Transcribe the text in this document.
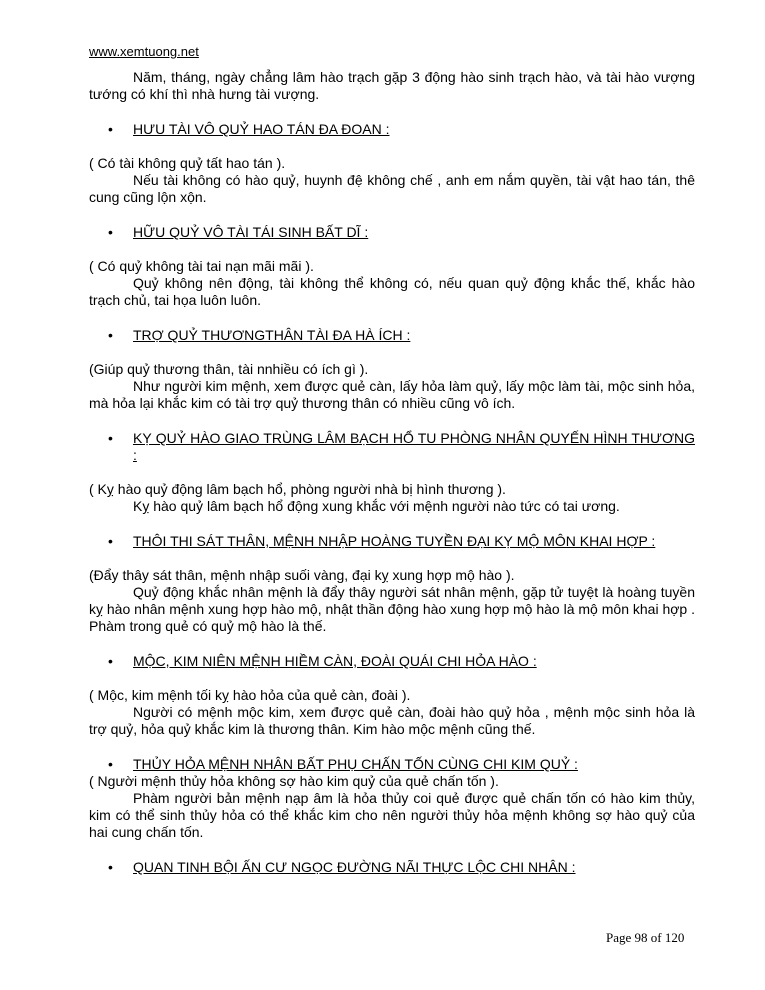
www.xemtuong.net

Năm, tháng, ngày chẳng lâm hào trạch gặp 3 động hào sinh trạch hào, và tài hào vượng tướng có khí thì nhà hưng tài vượng.

• HƯU TÀI VÔ QUỶ HAO TÁN ĐA ĐOAN :

( Có tài không quỷ tất hao tán ).

Nếu tài không có hào quỷ, huynh đệ không chế , anh em nắm quyền, tài vật hao tán, thê cung cũng lộn xộn.

• HỮU QUỶ VÔ TÀI TÁI SINH BẤT DĨ :

( Có quỷ không tài tai nạn mãi mãi ).

Quỷ không nên động, tài không thể không có, nếu quan quỷ động khắc thế, khắc hào trạch chủ, tai họa luôn luôn.

• TRỢ QUỶ THƯƠNGTHÂN TÀI ĐA HÀ ÍCH :

(Giúp quỷ thương thân, tài nnhiều có ích gì ).

Như người kim mệnh, xem được quẻ càn, lấy hỏa làm quỷ, lấy mộc làm tài, mộc sinh hỏa, mà hỏa lại khắc kim có tài trợ quỷ thương thân có nhiều cũng vô ích.

• KỴ QUỶ HÀO GIAO TRÙNG LÂM BẠCH HỔ TU PHÒNG NHÂN QUYẾN HÌNH THƯƠNG :

( Kỵ hào quỷ động lâm bạch hổ, phòng người nhà bị hình thương ).

Kỵ hào quỷ lâm bạch hổ động xung khắc với mệnh người nào tức có tai ương.

• THÔI THI SÁT THÂN, MỆNH NHẬP HOÀNG TUYỀN ĐẠI KỴ MỘ MÔN KHAI HỢP :

(Đẩy thây sát thân, mệnh nhập suối vàng, đại kỵ xung hợp mộ hào ).

Quỷ động khắc nhân mệnh là đẩy thây người sát nhân mệnh, gặp tử tuyệt là hoàng tuyền kỵ hào nhân mệnh xung hợp hào mộ, nhật thần động hào xung hợp mộ hào là mộ môn khai hợp . Phàm trong quẻ có quỷ mộ hào là thế.

• MỘC, KIM NIÊN MỆNH HIỀM CÀN, ĐOÀI QUÁI CHI HỎA HÀO :

( Mộc, kim mệnh tối kỵ hào hỏa của quẻ càn, đoài ).

Người có mệnh mộc kim, xem được quẻ càn, đoài hào quỷ hỏa , mệnh mộc sinh hỏa là trợ quỷ, hỏa quỷ khắc kim là thương thân. Kim hào mộc mệnh cũng thế.

• THỦY HỎA MỆNH NHÂN BẤT PHỤ CHẤN TỐN CÙNG CHI KIM QUỶ :

( Người mệnh thủy hỏa không sợ hào kim quỷ của quẻ chấn tốn ).

Phàm người bản mệnh nạp âm là hỏa thủy coi quẻ được quẻ chấn tốn có hào kim thủy, kim có thể sinh thủy hỏa có thể khắc kim cho nên người thủy hỏa mệnh không sợ hào quỷ của hai cung chấn tốn.

• QUAN TINH BỘI ẤN CƯ NGỌC ĐƯỜNG NÃI THỰC LỘC CHI NHÂN :

Page 98 of 120
